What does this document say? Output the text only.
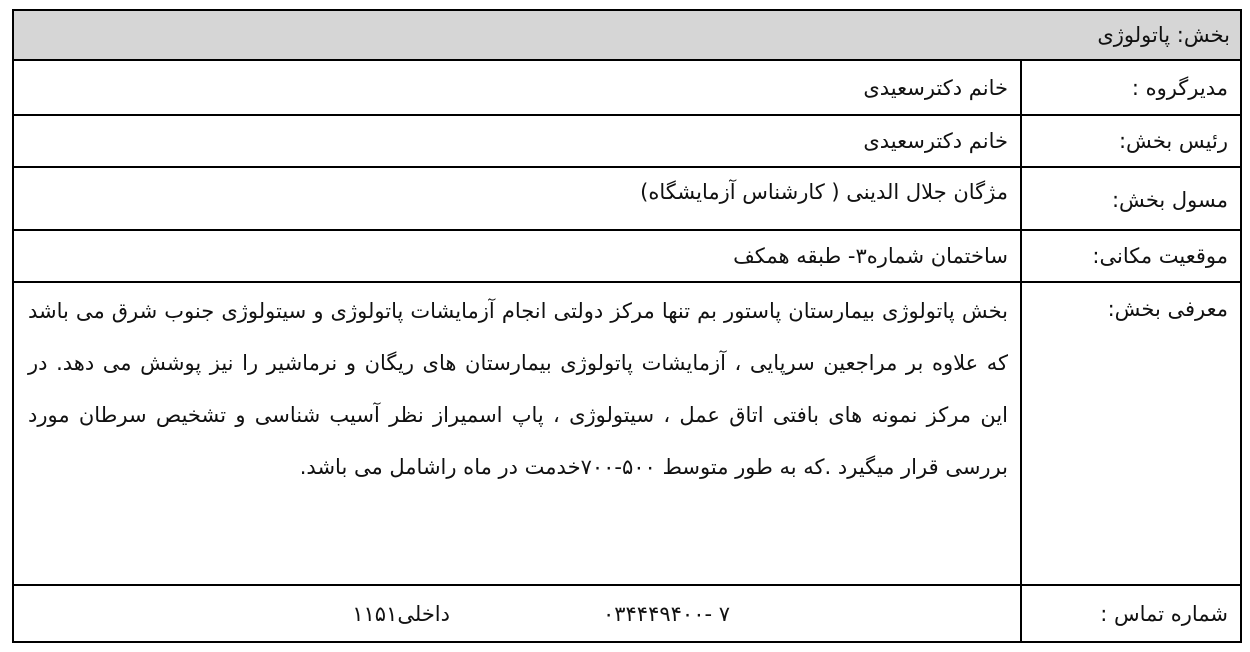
بخش: پاتولوژی
مدیرگروه :
خانم دکترسعیدی
رئیس بخش:
خانم دکترسعیدی
مسول بخش:
مژگان جلال الدینی ( کارشناس آزمایشگاه)
موقعیت مکانی:
ساختمان شماره۳- طبقه همکف
معرفی بخش:
بخش پاتولوژی بیمارستان پاستور بم تنها مرکز دولتی انجام آزمایشات پاتولوژی و سیتولوژی جنوب شرق می باشد که علاوه بر مراجعین سرپایی ، آزمایشات پاتولوژی بیمارستان های ریگان و نرماشیر را نیز پوشش می دهد. در این مرکز نمونه های بافتی اتاق عمل ، سیتولوژی ، پاپ اسمیراز نظر آسیب شناسی و تشخیص سرطان مورد بررسی قرار میگیرد .که به طور متوسط ۵۰۰-۷۰۰خدمت در ماه راشامل می باشد.
شماره تماس :
۰۳۴۴۴۹۴۰۰- ۷
داخلی۱۱۵۱
